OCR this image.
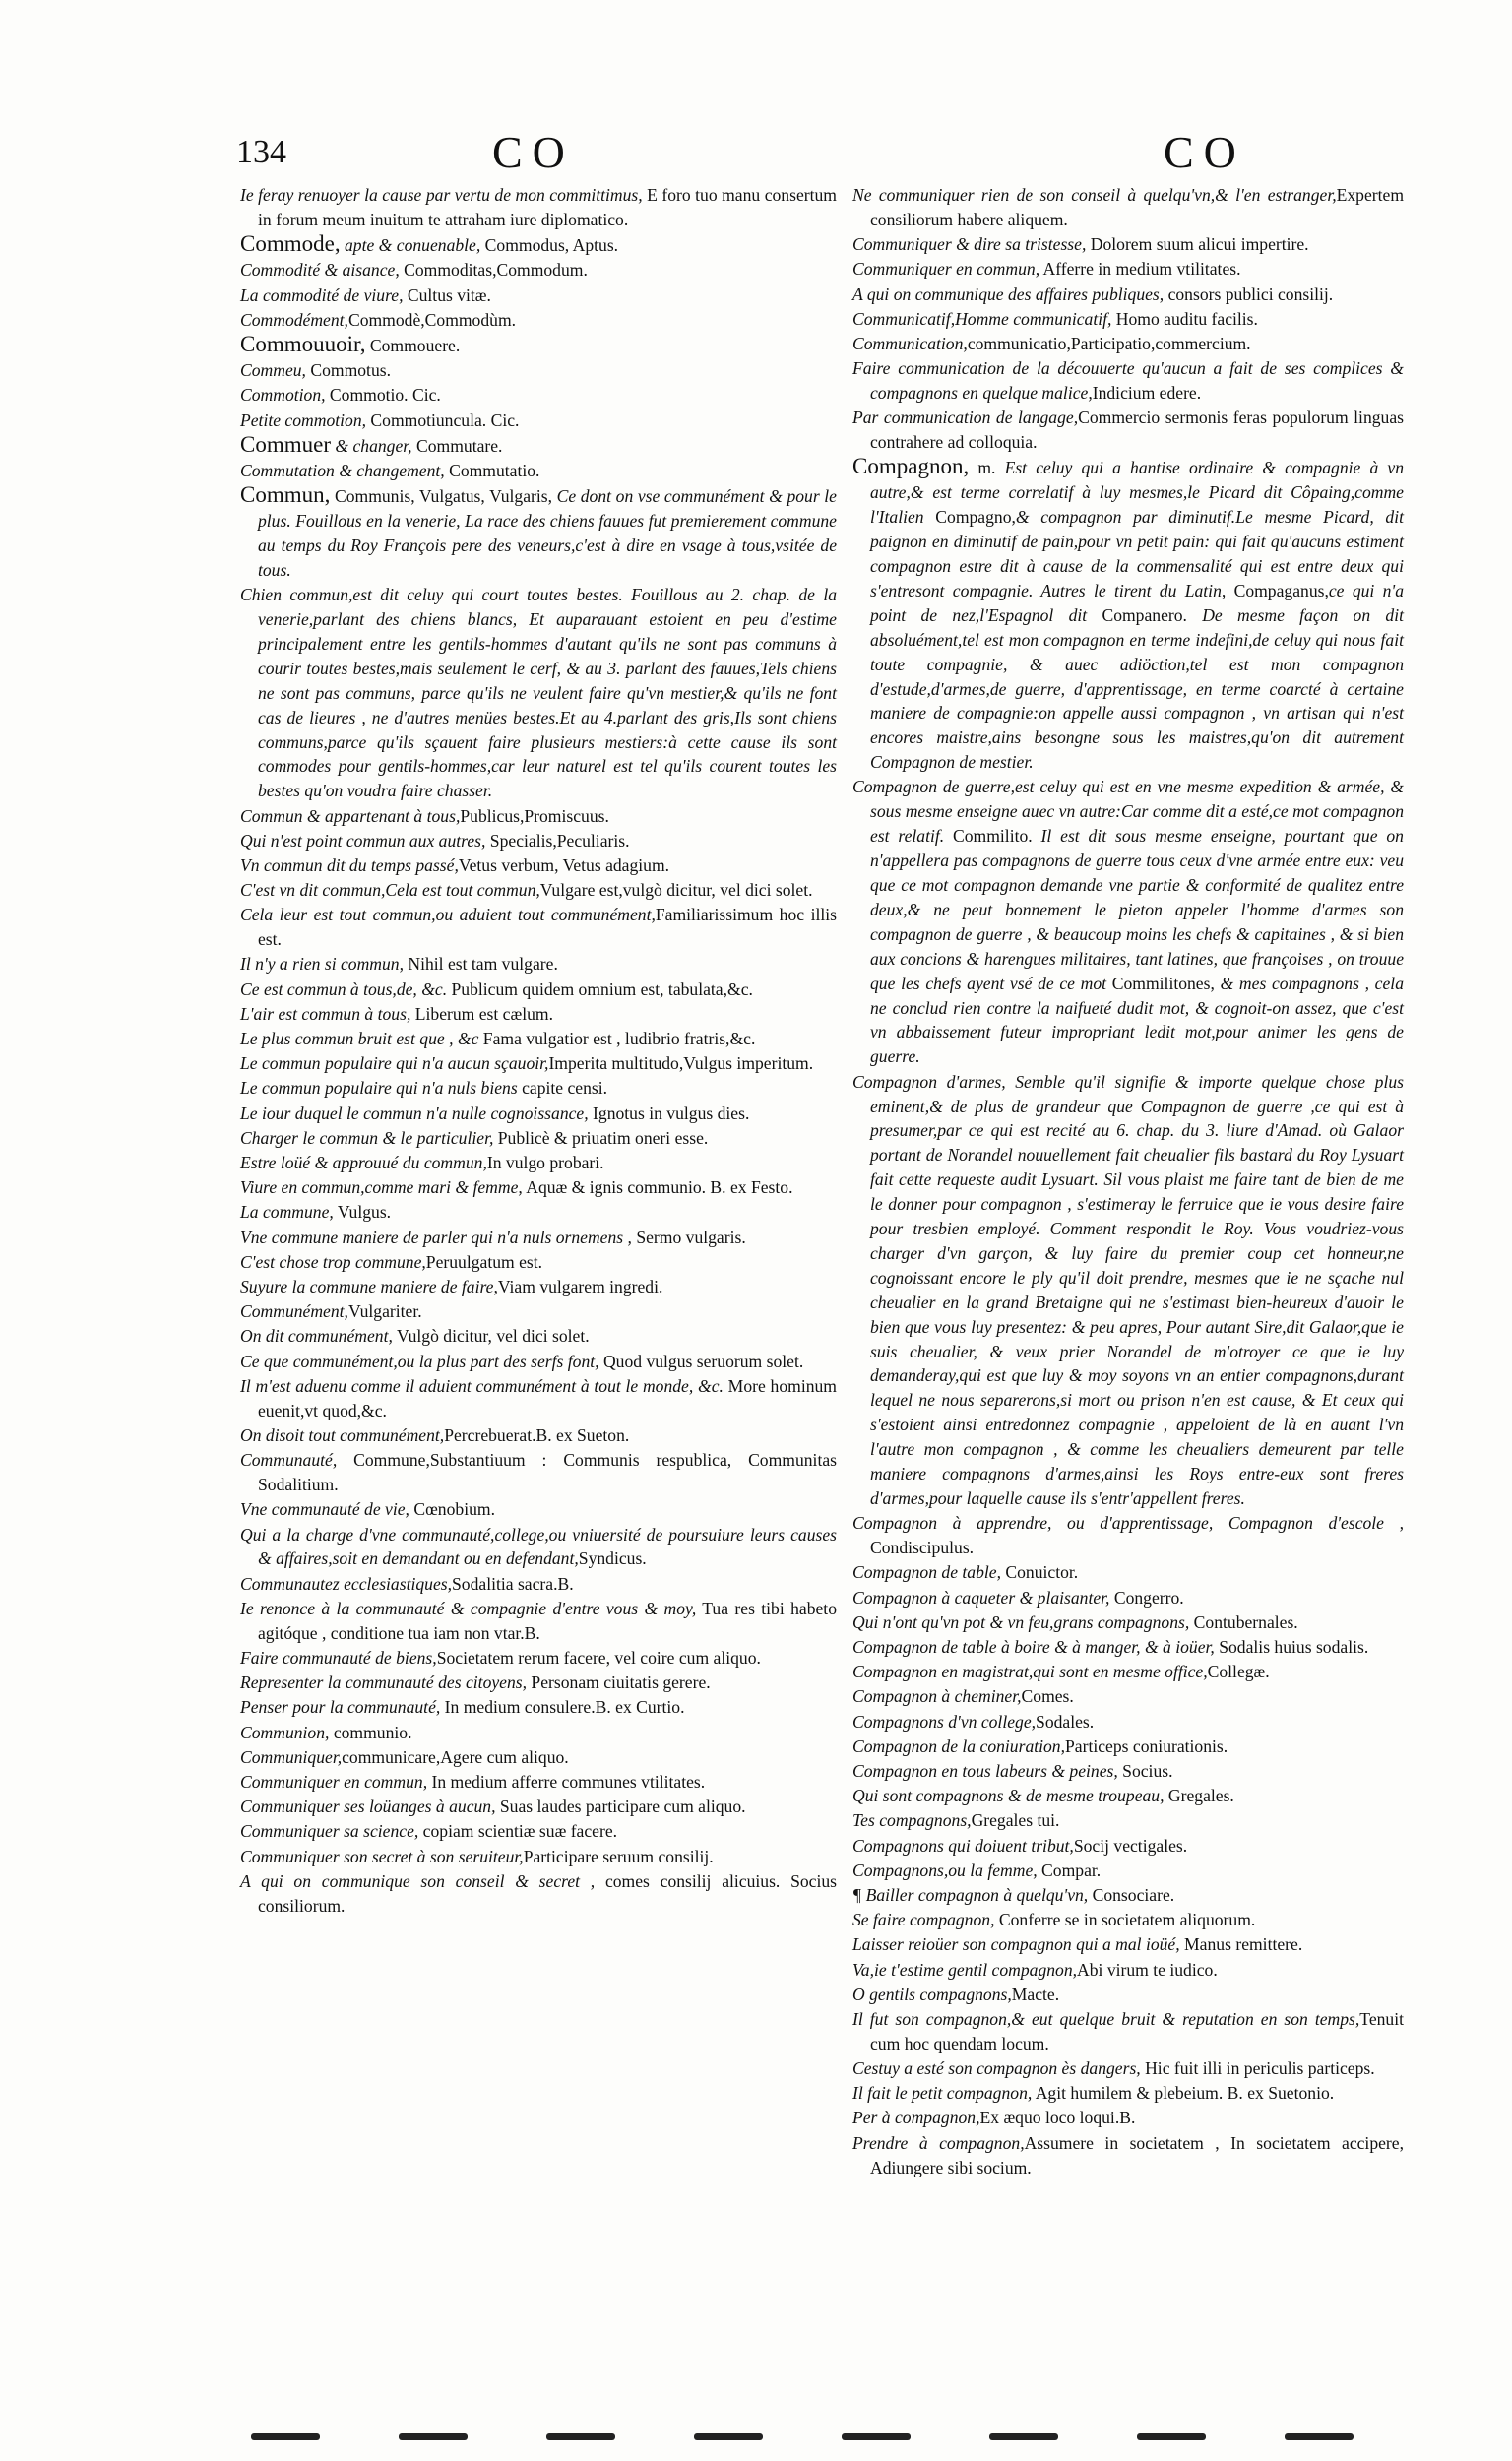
134	CO	CO

Ie feray renuoyer la cause par vertu de mon committimus, E foro tuo manu consertum in forum meum inuitum te attraham iure diplomatico.

Commode, apte & conuenable, Commodus, Aptus.

Commodité & aisance, Commoditas,Commodum.

La commodité de viure, Cultus vitæ.

Commodément,Commodè,Commodùm.

Commouuoir, Commouere.

Commeu, Commotus.

Commotion, Commotio. Cic.

Petite commotion, Commotiuncula. Cic.

Commuer & changer, Commutare.

Commutation & changement, Commutatio.

Commun, Communis, Vulgatus, Vulgaris, Ce dont on vse communément & pour le plus. Fouillous en la venerie, La race des chiens fauues fut premierement commune au temps du Roy François pere des veneurs,c'est à dire en vsage à tous,vsitée de tous.

Chien commun,est dit celuy qui court toutes bestes. Fouillous au 2. chap. de la venerie,parlant des chiens blancs, Et auparauant estoient en peu d'estime principalement entre les gentils-hommes d'autant qu'ils ne sont pas communs à courir toutes bestes,mais seulement le cerf, & au 3. parlant des fauues,Tels chiens ne sont pas communs, parce qu'ils ne veulent faire qu'vn mestier,& qu'ils ne font cas de lieures , ne d'autres menües bestes.Et au 4.parlant des gris,Ils sont chiens communs,parce qu'ils sçauent faire plusieurs mestiers:à cette cause ils sont commodes pour gentils-hommes,car leur naturel est tel qu'ils courent toutes les bestes qu'on voudra faire chasser.

Commun & appartenant à tous,Publicus,Promiscuus.

Qui n'est point commun aux autres, Specialis,Peculiaris.

Vn commun dit du temps passé,Vetus verbum, Vetus adagium.

C'est vn dit commun,Cela est tout commun,Vulgare est,vulgò dicitur, vel dici solet.

Cela leur est tout commun,ou aduient tout communément,Familiarissimum hoc illis est.

Il n'y a rien si commun, Nihil est tam vulgare.

Ce est commun à tous,de, &c. Publicum quidem omnium est, tabulata,&c.

L'air est commun à tous, Liberum est cælum.

Le plus commun bruit est que , &c Fama vulgatior est , ludibrio fratris,&c.

Le commun populaire qui n'a aucun sçauoir,Imperita multitudo,Vulgus imperitum.

Le commun populaire qui n'a nuls biens capite censi.

Le iour duquel le commun n'a nulle cognoissance, Ignotus in vulgus dies.

Charger le commun & le particulier, Publicè & priuatim oneri esse.

Estre loüé & approuué du commun,In vulgo probari.

Viure en commun,comme mari & femme, Aquæ & ignis communio. B. ex Festo.

La commune, Vulgus.

Vne commune maniere de parler qui n'a nuls ornemens , Sermo vulgaris.

C'est chose trop commune,Peruulgatum est.

Suyure la commune maniere de faire,Viam vulgarem ingredi.

Communément,Vulgariter.

On dit communément, Vulgò dicitur, vel dici solet.

Ce que communément,ou la plus part des serfs font, Quod vulgus seruorum solet.

Il m'est aduenu comme il aduient communément à tout le monde, &c. More hominum euenit,vt quod,&c.

On disoit tout communément,Percrebuerat.B. ex Sueton.

Communauté, Commune,Substantiuum : Communis respublica, Communitas Sodalitium.

Vne communauté de vie, Cœnobium.

Qui a la charge d'vne communauté,college,ou vniuersité de poursuiure leurs causes & affaires,soit en demandant ou en defendant,Syndicus.

Communautez ecclesiastiques,Sodalitia sacra.B.

Ie renonce à la communauté & compagnie d'entre vous & moy, Tua res tibi habeto agitóque , conditione tua iam non vtar.B.

Faire communauté de biens,Societatem rerum facere, vel coire cum aliquo.

Representer la communauté des citoyens, Personam ciuitatis gerere.

Penser pour la communauté, In medium consulere.B. ex Curtio.

Communion, communio.

Communiquer,communicare,Agere cum aliquo.

Communiquer en commun, In medium afferre communes vtilitates.

Communiquer ses loüanges à aucun, Suas laudes participare cum aliquo.

Communiquer sa science, copiam scientiæ suæ facere.

Communiquer son secret à son seruiteur,Participare seruum consilij.

A qui on communique son conseil & secret , comes consilij alicuius. Socius consiliorum.

Ne communiquer rien de son conseil à quelqu'vn,& l'en estranger,Expertem consiliorum habere aliquem.

Communiquer & dire sa tristesse, Dolorem suum alicui impertire.

Communiquer en commun, Afferre in medium vtilitates.

A qui on communique des affaires publiques, consors publici consilij.

Communicatif,Homme communicatif, Homo auditu facilis.

Communication,communicatio,Participatio,commercium.

Faire communication de la découuerte qu'aucun a fait de ses complices & compagnons en quelque malice,Indicium edere.

Par communication de langage,Commercio sermonis feras populorum linguas contrahere ad colloquia.

Compagnon, m. Est celuy qui a hantise ordinaire & compagnie à vn autre,& est terme correlatif à luy mesmes,le Picard dit Côpaing,comme l'Italien Compagno,& compagnon par diminutif.Le mesme Picard, dit paignon en diminutif de pain,pour vn petit pain: qui fait qu'aucuns estiment compagnon estre dit à cause de la commensalité qui est entre deux qui s'entresont compagnie. Autres le tirent du Latin, Compaganus,ce qui n'a point de nez,l'Espagnol dit Companero. De mesme façon on dit absoluément,tel est mon compagnon en terme indefini,de celuy qui nous fait toute compagnie, & auec adiöction,tel est mon compagnon d'estude,d'armes,de guerre, d'apprentissage, en terme coarcté à certaine maniere de compagnie:on appelle aussi compagnon , vn artisan qui n'est encores maistre,ains besongne sous les maistres,qu'on dit autrement Compagnon de mestier.

Compagnon de guerre,est celuy qui est en vne mesme expedition & armée, & sous mesme enseigne auec vn autre:Car comme dit a esté,ce mot compagnon est relatif. Commilito. Il est dit sous mesme enseigne, pourtant que on n'appellera pas compagnons de guerre tous ceux d'vne armée entre eux: veu que ce mot compagnon demande vne partie & conformité de qualitez entre deux,& ne peut bonnement le pieton appeler l'homme d'armes son compagnon de guerre , & beaucoup moins les chefs & capitaines , & si bien aux concions & harengues militaires, tant latines, que françoises , on trouue que les chefs ayent vsé de ce mot Commilitones, & mes compagnons , cela ne conclud rien contre la naifueté dudit mot, & cognoit-on assez, que c'est vn abbaissement futeur impropriant ledit mot,pour animer les gens de guerre.

Compagnon d'armes, Semble qu'il signifie & importe quelque chose plus eminent,& de plus de grandeur que Compagnon de guerre ,ce qui est à presumer,par ce qui est recité au 6. chap. du 3. liure d'Amad. où Galaor portant de Norandel nouuellement fait cheualier fils bastard du Roy Lysuart fait cette requeste audit Lysuart. Sil vous plaist me faire tant de bien de me le donner pour compagnon , s'estimeray le ferruice que ie vous desire faire pour tresbien employé. Comment respondit le Roy. Vous voudriez-vous charger d'vn garçon, & luy faire du premier coup cet honneur,ne cognoissant encore le ply qu'il doit prendre, mesmes que ie ne sçache nul cheualier en la grand Bretaigne qui ne s'estimast bien-heureux d'auoir le bien que vous luy presentez: & peu apres, Pour autant Sire,dit Galaor,que ie suis cheualier, & veux prier Norandel de m'otroyer ce que ie luy demanderay,qui est que luy & moy soyons vn an entier compagnons,durant lequel ne nous separerons,si mort ou prison n'en est cause, & Et ceux qui s'estoient ainsi entredonnez compagnie , appeloient de là en auant l'vn l'autre mon compagnon , & comme les cheualiers demeurent par telle maniere compagnons d'armes,ainsi les Roys entre-eux sont freres d'armes,pour laquelle cause ils s'entr'appellent freres.

Compagnon à apprendre, ou d'apprentissage, Compagnon d'escole , Condiscipulus.

Compagnon de table, Conuictor.

Compagnon à caqueter & plaisanter, Congerro.

Qui n'ont qu'vn pot & vn feu,grans compagnons, Contubernales.

Compagnon de table à boire & à manger, & à ioüer, Sodalis huius sodalis.

Compagnon en magistrat,qui sont en mesme office,Collegæ.

Compagnon à cheminer,Comes.

Compagnons d'vn college,Sodales.

Compagnon de la coniuration,Particeps coniurationis.

Compagnon en tous labeurs & peines, Socius.

Qui sont compagnons & de mesme troupeau, Gregales.

Tes compagnons,Gregales tui.

Compagnons qui doiuent tribut,Socij vectigales.

Compagnons,ou la femme, Compar.

¶ Bailler compagnon à quelqu'vn, Consociare.

Se faire compagnon, Conferre se in societatem aliquorum.

Laisser reioüer son compagnon qui a mal ioüé, Manus remittere.

Va,ie t'estime gentil compagnon,Abi virum te iudico.

O gentils compagnons,Macte.

Il fut son compagnon,& eut quelque bruit & reputation en son temps,Tenuit cum hoc quendam locum.

Cestuy a esté son compagnon ès dangers, Hic fuit illi in periculis particeps.

Il fait le petit compagnon, Agit humilem & plebeium. B. ex Suetonio.

Per à compagnon,Ex æquo loco loqui.B.

Prendre à compagnon,Assumere in societatem , In societatem accipere, Adiungere sibi socium.
